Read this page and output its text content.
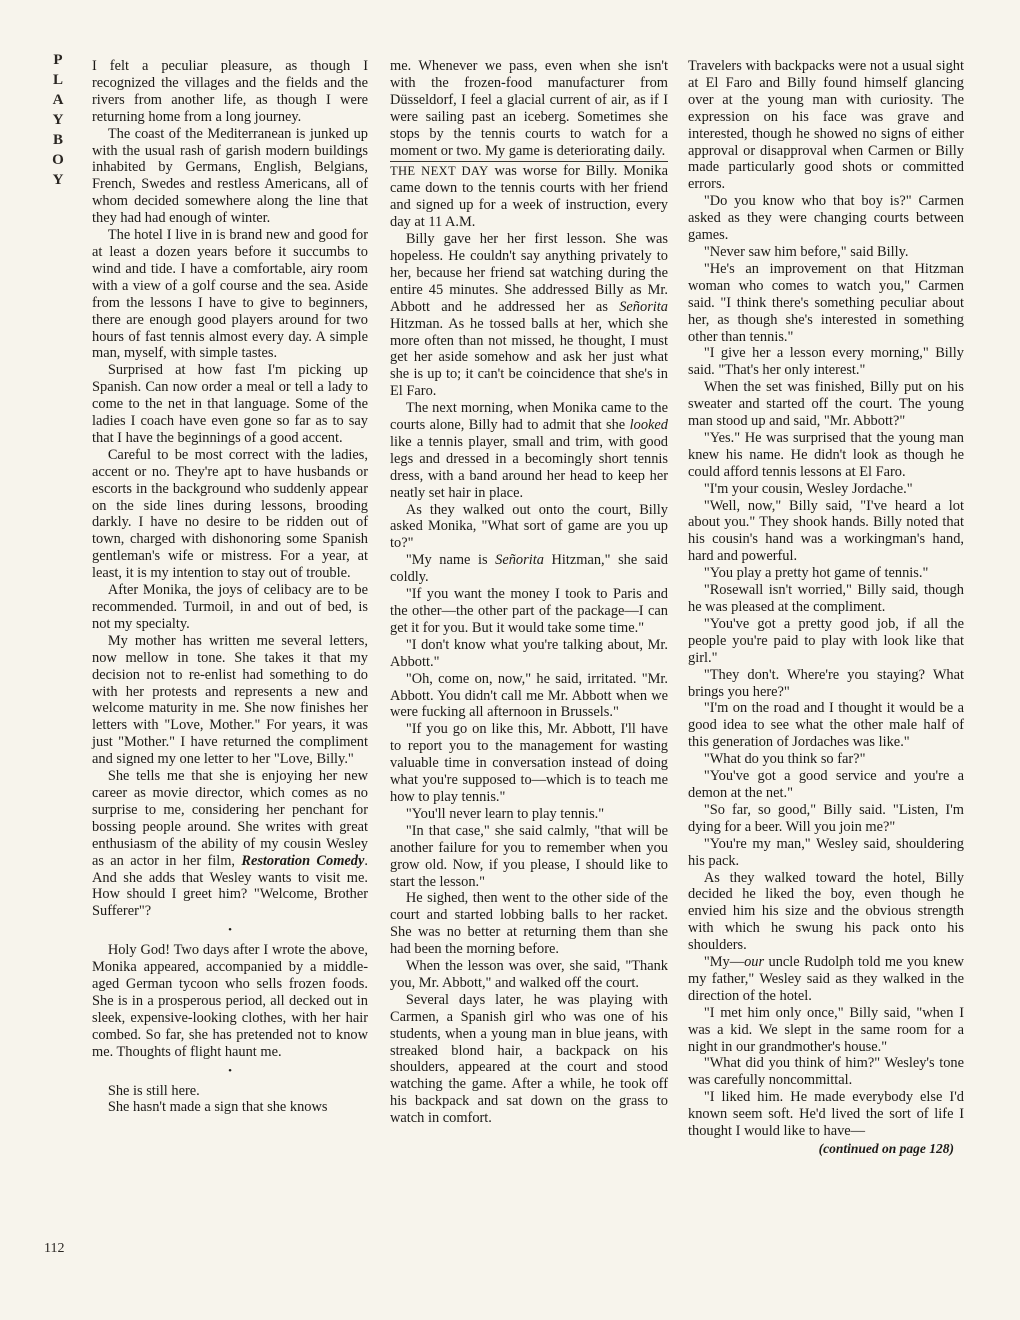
P
L
A
Y
B
O
Y
112

I felt a peculiar pleasure, as though I recognized the villages and the fields and the rivers from another life, as though I were returning home from a long journey.

The coast of the Mediterranean is junked up with the usual rash of garish modern buildings inhabited by Germans, English, Belgians, French, Swedes and restless Americans, all of whom decided somewhere along the line that they had had enough of winter.

The hotel I live in is brand new and good for at least a dozen years before it succumbs to wind and tide. I have a comfortable, airy room with a view of a golf course and the sea. Aside from the lessons I have to give to beginners, there are enough good players around for two hours of fast tennis almost every day. A simple man, myself, with simple tastes.

Surprised at how fast I'm picking up Spanish. Can now order a meal or tell a lady to come to the net in that language. Some of the ladies I coach have even gone so far as to say that I have the beginnings of a good accent.

Careful to be most correct with the ladies, accent or no. They're apt to have husbands or escorts in the background who suddenly appear on the side lines during lessons, brooding darkly. I have no desire to be ridden out of town, charged with dishonoring some Spanish gentleman's wife or mistress. For a year, at least, it is my intention to stay out of trouble.

After Monika, the joys of celibacy are to be recommended. Turmoil, in and out of bed, is not my specialty.

My mother has written me several letters, now mellow in tone. She takes it that my decision not to re-enlist had something to do with her protests and represents a new and welcome maturity in me. She now finishes her letters with "Love, Mother." For years, it was just "Mother." I have returned the compliment and signed my one letter to her "Love, Billy."

She tells me that she is enjoying her new career as movie director, which comes as no surprise to me, considering her penchant for bossing people around. She writes with great enthusiasm of the ability of my cousin Wesley as an actor in her film, Restoration Comedy. And she adds that Wesley wants to visit me. How should I greet him? "Welcome, Brother Sufferer"?

•

Holy God! Two days after I wrote the above, Monika appeared, accompanied by a middle-aged German tycoon who sells frozen foods. She is in a prosperous period, all decked out in sleek, expensive-looking clothes, with her hair combed. So far, she has pretended not to know me. Thoughts of flight haunt me.

•

She is still here.

She hasn't made a sign that she knows

me. Whenever we pass, even when she isn't with the frozen-food manufacturer from Düsseldorf, I feel a glacial current of air, as if I were sailing past an iceberg. Sometimes she stops by the tennis courts to watch for a moment or two. My game is deteriorating daily.

THE NEXT DAY was worse for Billy. Monika came down to the tennis courts with her friend and signed up for a week of instruction, every day at 11 A.M.

Billy gave her her first lesson. She was hopeless. He couldn't say anything privately to her, because her friend sat watching during the entire 45 minutes. She addressed Billy as Mr. Abbott and he addressed her as Señorita Hitzman. As he tossed balls at her, which she more often than not missed, he thought, I must get her aside somehow and ask her just what she is up to; it can't be coincidence that she's in El Faro.

The next morning, when Monika came to the courts alone, Billy had to admit that she looked like a tennis player, small and trim, with good legs and dressed in a becomingly short tennis dress, with a band around her head to keep her neatly set hair in place.

As they walked out onto the court, Billy asked Monika, "What sort of game are you up to?"

"My name is Señorita Hitzman," she said coldly.

"If you want the money I took to Paris and the other—the other part of the package—I can get it for you. But it would take some time."

"I don't know what you're talking about, Mr. Abbott."

"Oh, come on, now," he said, irritated. "Mr. Abbott. You didn't call me Mr. Abbott when we were fucking all afternoon in Brussels."

"If you go on like this, Mr. Abbott, I'll have to report you to the management for wasting valuable time in conversation instead of doing what you're supposed to—which is to teach me how to play tennis."

"You'll never learn to play tennis."

"In that case," she said calmly, "that will be another failure for you to remember when you grow old. Now, if you please, I should like to start the lesson."

He sighed, then went to the other side of the court and started lobbing balls to her racket. She was no better at returning them than she had been the morning before.

When the lesson was over, she said, "Thank you, Mr. Abbott," and walked off the court.

Several days later, he was playing with Carmen, a Spanish girl who was one of his students, when a young man in blue jeans, with streaked blond hair, a backpack on his shoulders, appeared at the court and stood watching the game. After a while, he took off his backpack and sat down on the grass to watch in comfort.

Travelers with backpacks were not a usual sight at El Faro and Billy found himself glancing over at the young man with curiosity. The expression on his face was grave and interested, though he showed no signs of either approval or disapproval when Carmen or Billy made particularly good shots or committed errors.

"Do you know who that boy is?" Carmen asked as they were changing courts between games.

"Never saw him before," said Billy.

"He's an improvement on that Hitzman woman who comes to watch you," Carmen said. "I think there's something peculiar about her, as though she's interested in something other than tennis."

"I give her a lesson every morning," Billy said. "That's her only interest."

When the set was finished, Billy put on his sweater and started off the court. The young man stood up and said, "Mr. Abbott?"

"Yes." He was surprised that the young man knew his name. He didn't look as though he could afford tennis lessons at El Faro.

"I'm your cousin, Wesley Jordache."

"Well, now," Billy said, "I've heard a lot about you." They shook hands. Billy noted that his cousin's hand was a workingman's hand, hard and powerful.

"You play a pretty hot game of tennis."

"Rosewall isn't worried," Billy said, though he was pleased at the compliment.

"You've got a pretty good job, if all the people you're paid to play with look like that girl."

"They don't. Where're you staying? What brings you here?"

"I'm on the road and I thought it would be a good idea to see what the other male half of this generation of Jordaches was like."

"What do you think so far?"

"You've got a good service and you're a demon at the net."

"So far, so good," Billy said. "Listen, I'm dying for a beer. Will you join me?"

"You're my man," Wesley said, shouldering his pack.

As they walked toward the hotel, Billy decided he liked the boy, even though he envied him his size and the obvious strength with which he swung his pack onto his shoulders.

"My—our uncle Rudolph told me you knew my father," Wesley said as they walked in the direction of the hotel.

"I met him only once," Billy said, "when I was a kid. We slept in the same room for a night in our grandmother's house."

"What did you think of him?" Wesley's tone was carefully noncommittal.

"I liked him. He made everybody else I'd known seem soft. He'd lived the sort of life I thought I would like to have—

(continued on page 128)
